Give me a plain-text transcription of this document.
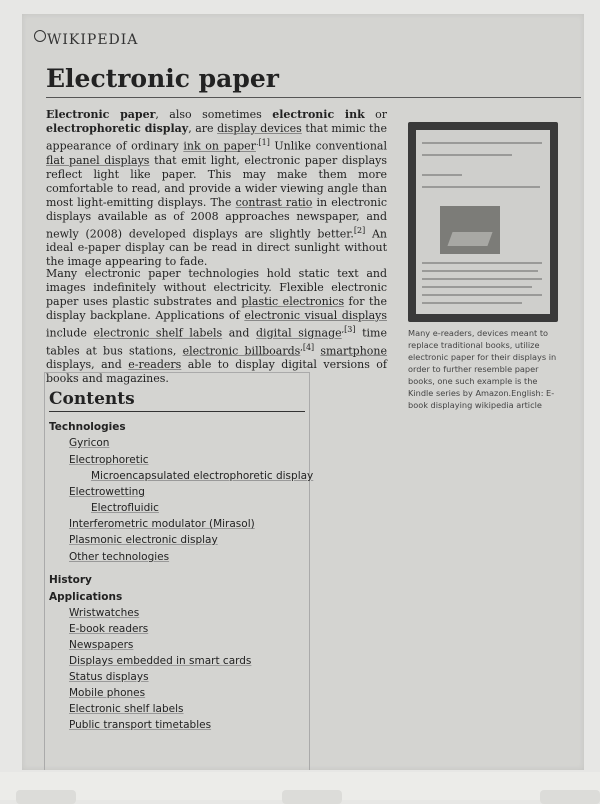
WIKIPEDIA
Electronic paper

Electronic paper, also sometimes electronic ink or electrophoretic display, are display devices that mimic the appearance of ordinary ink on paper$^{.[1]}$ Unlike conventional flat panel displays that emit light, electronic paper displays reflect light like paper. This may make them more comfortable to read, and provide a wider viewing angle than most light-emitting displays. The contrast ratio in electronic displays available as of 2008 approaches newspaper, and newly (2008) developed displays are slightly better.[2] An ideal e-paper display can be read in direct sunlight without the image appearing to fade.

Many electronic paper technologies hold static text and images indefinitely without electricity. Flexible electronic paper uses plastic substrates and plastic electronics for the display backplane. Applications of electronic visual displays include electronic shelf labels and digital signage$^{,[3]}$ time tables at bus stations, electronic billboards$^{,[4]}$ smartphone displays, and e-readers able to display digital versions of books and magazines.

Many e-readers, devices meant to replace traditional books, utilize electronic paper for their displays in order to further resemble paper books, one such example is the Kindle series by Amazon.English: E-book displaying wikipedia article
Contents
Technologies
Gyricon
Electrophoretic
Microencapsulated electrophoretic display
Electrowetting
Electrofluidic
Interferometric modulator (Mirasol)
Plasmonic electronic display
Other technologies
History
Applications
Wristwatches
E-book readers
Newspapers
Displays embedded in smart cards
Status displays
Mobile phones
Electronic shelf labels
Public transport timetables
